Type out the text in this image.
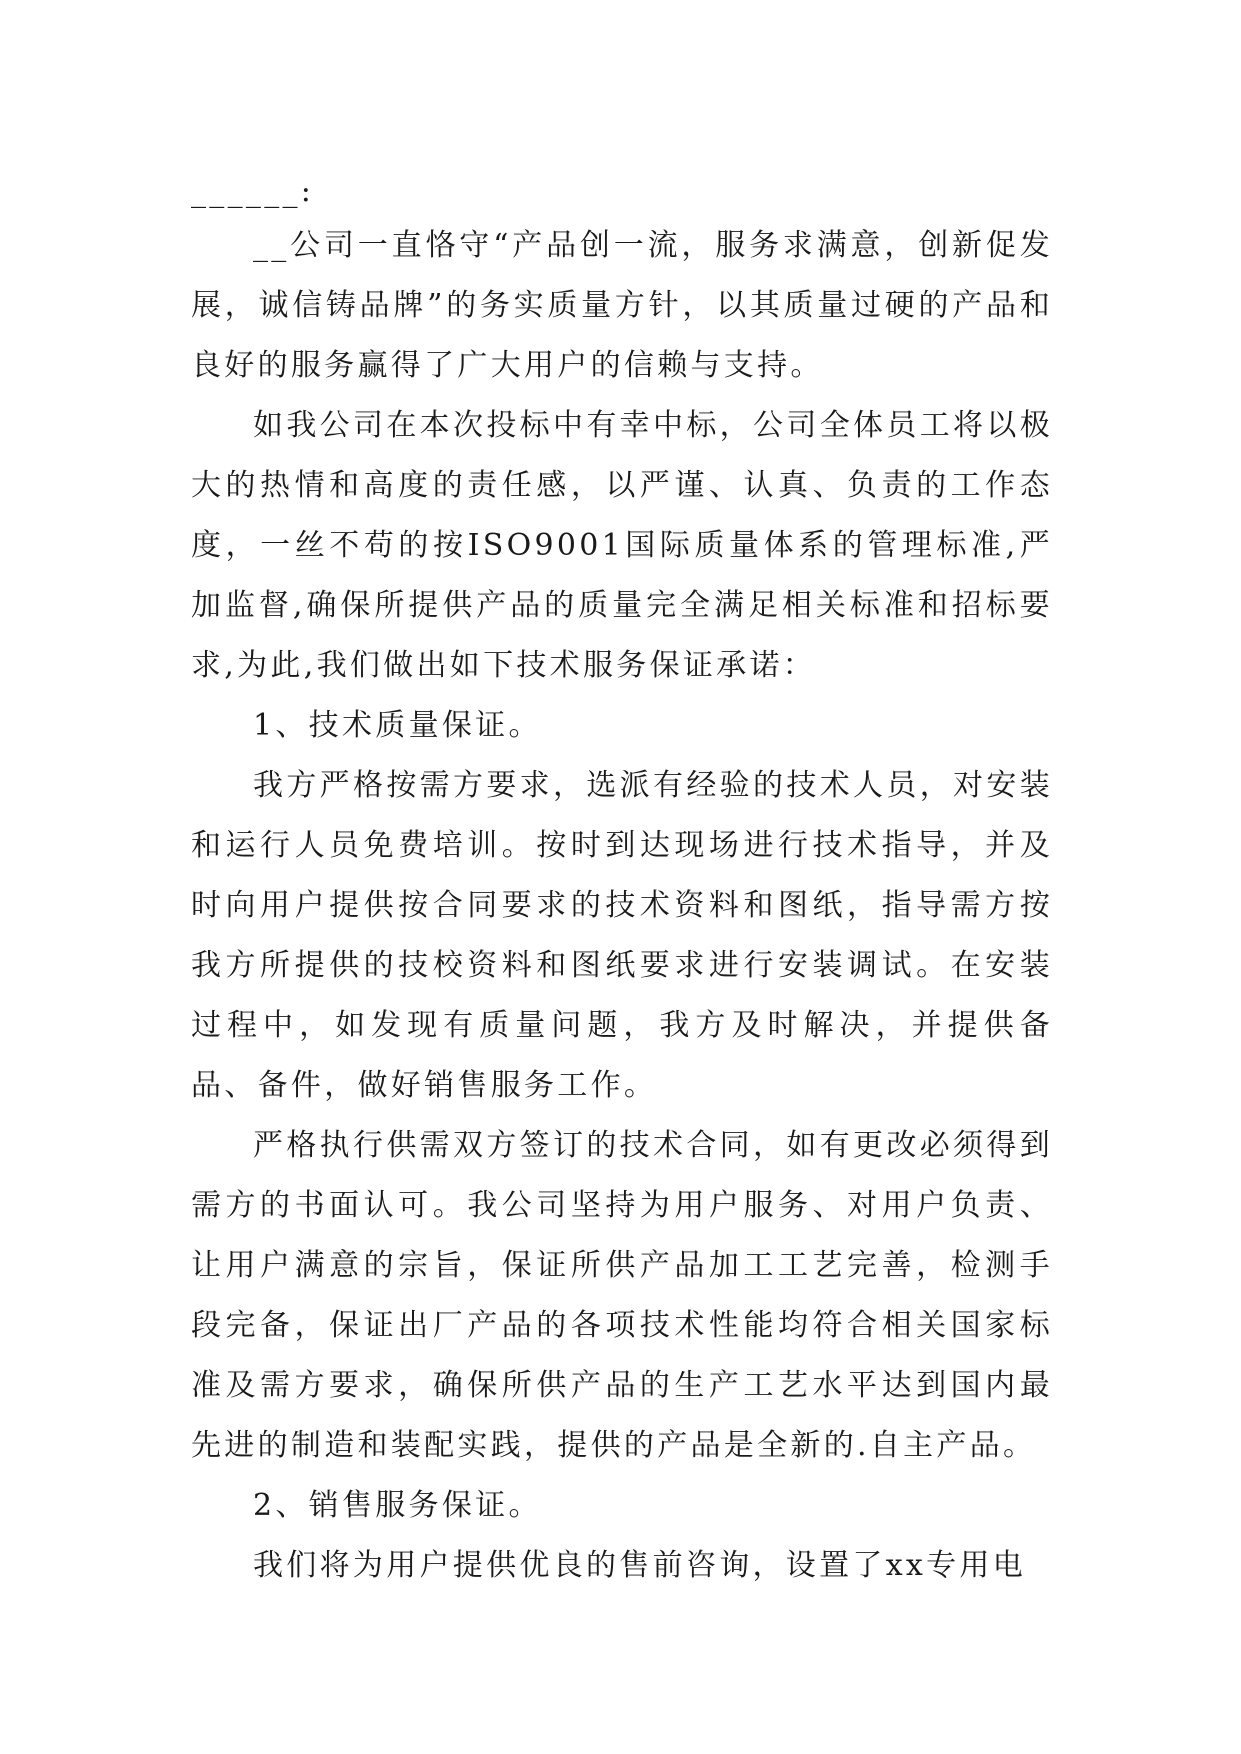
______:

__公司一直恪守“产品创一流，服务求满意，创新促发展，诚信铸品牌”的务实质量方针，以其质量过硬的产品和良好的服务赢得了广大用户的信赖与支持。

如我公司在本次投标中有幸中标，公司全体员工将以极大的热情和高度的责任感，以严谨、认真、负责的工作态度，一丝不苟的按ISO9001国际质量体系的管理标准,严加监督,确保所提供产品的质量完全满足相关标准和招标要求,为此,我们做出如下技术服务保证承诺：

1、技术质量保证。

我方严格按需方要求，选派有经验的技术人员，对安装和运行人员免费培训。按时到达现场进行技术指导，并及时向用户提供按合同要求的技术资料和图纸，指导需方按我方所提供的技校资料和图纸要求进行安装调试。在安装过程中，如发现有质量问题，我方及时解决，并提供备品、备件，做好销售服务工作。

严格执行供需双方签订的技术合同，如有更改必须得到需方的书面认可。我公司坚持为用户服务、对用户负责、让用户满意的宗旨，保证所供产品加工工艺完善，检测手段完备，保证出厂产品的各项技术性能均符合相关国家标准及需方要求，确保所供产品的生产工艺水平达到国内最先进的制造和装配实践，提供的产品是全新的.自主产品。

2、销售服务保证。

我们将为用户提供优良的售前咨询，设置了xx专用电
